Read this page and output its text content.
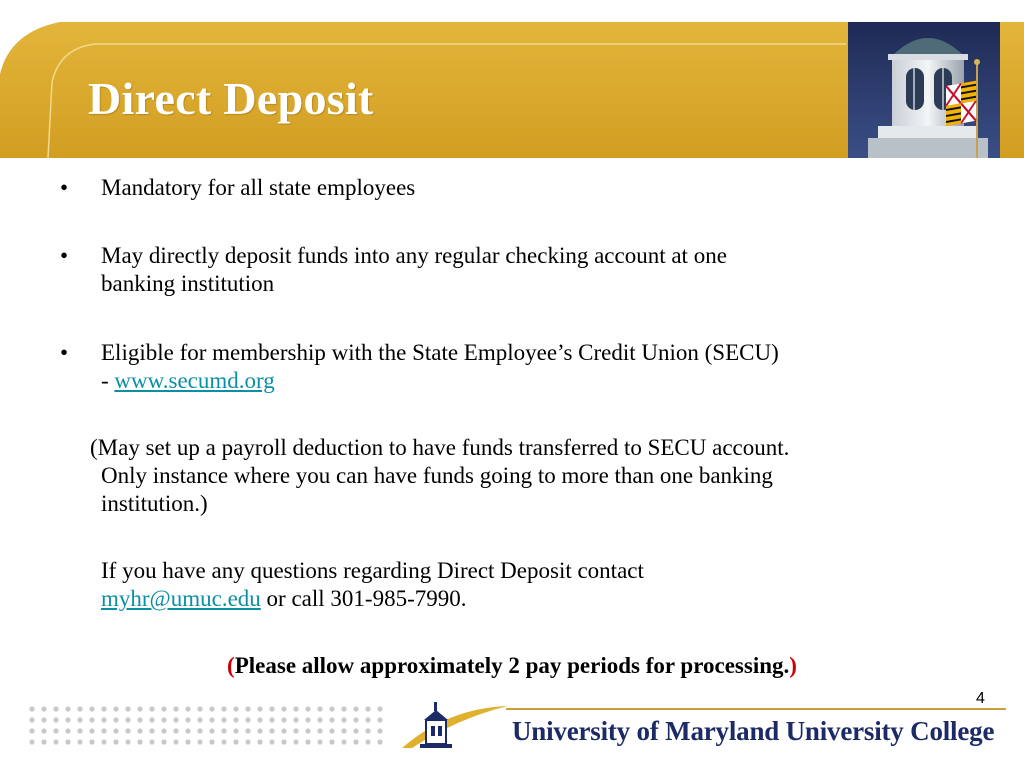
Direct Deposit
• Mandatory for all state employees
• May directly deposit funds into any regular checking account at one
banking institution
• Eligible for membership with the State Employee’s Credit Union (SECU)
- www.secumd.org
(May set up a payroll deduction to have funds transferred to SECU account.
Only instance where you can have funds going to more than one banking
institution.)
If you have any questions regarding Direct Deposit contact
myhr@umuc.edu or call 301-985-7990.
(Please allow approximately 2 pay periods for processing.)
4
University of Maryland University College
